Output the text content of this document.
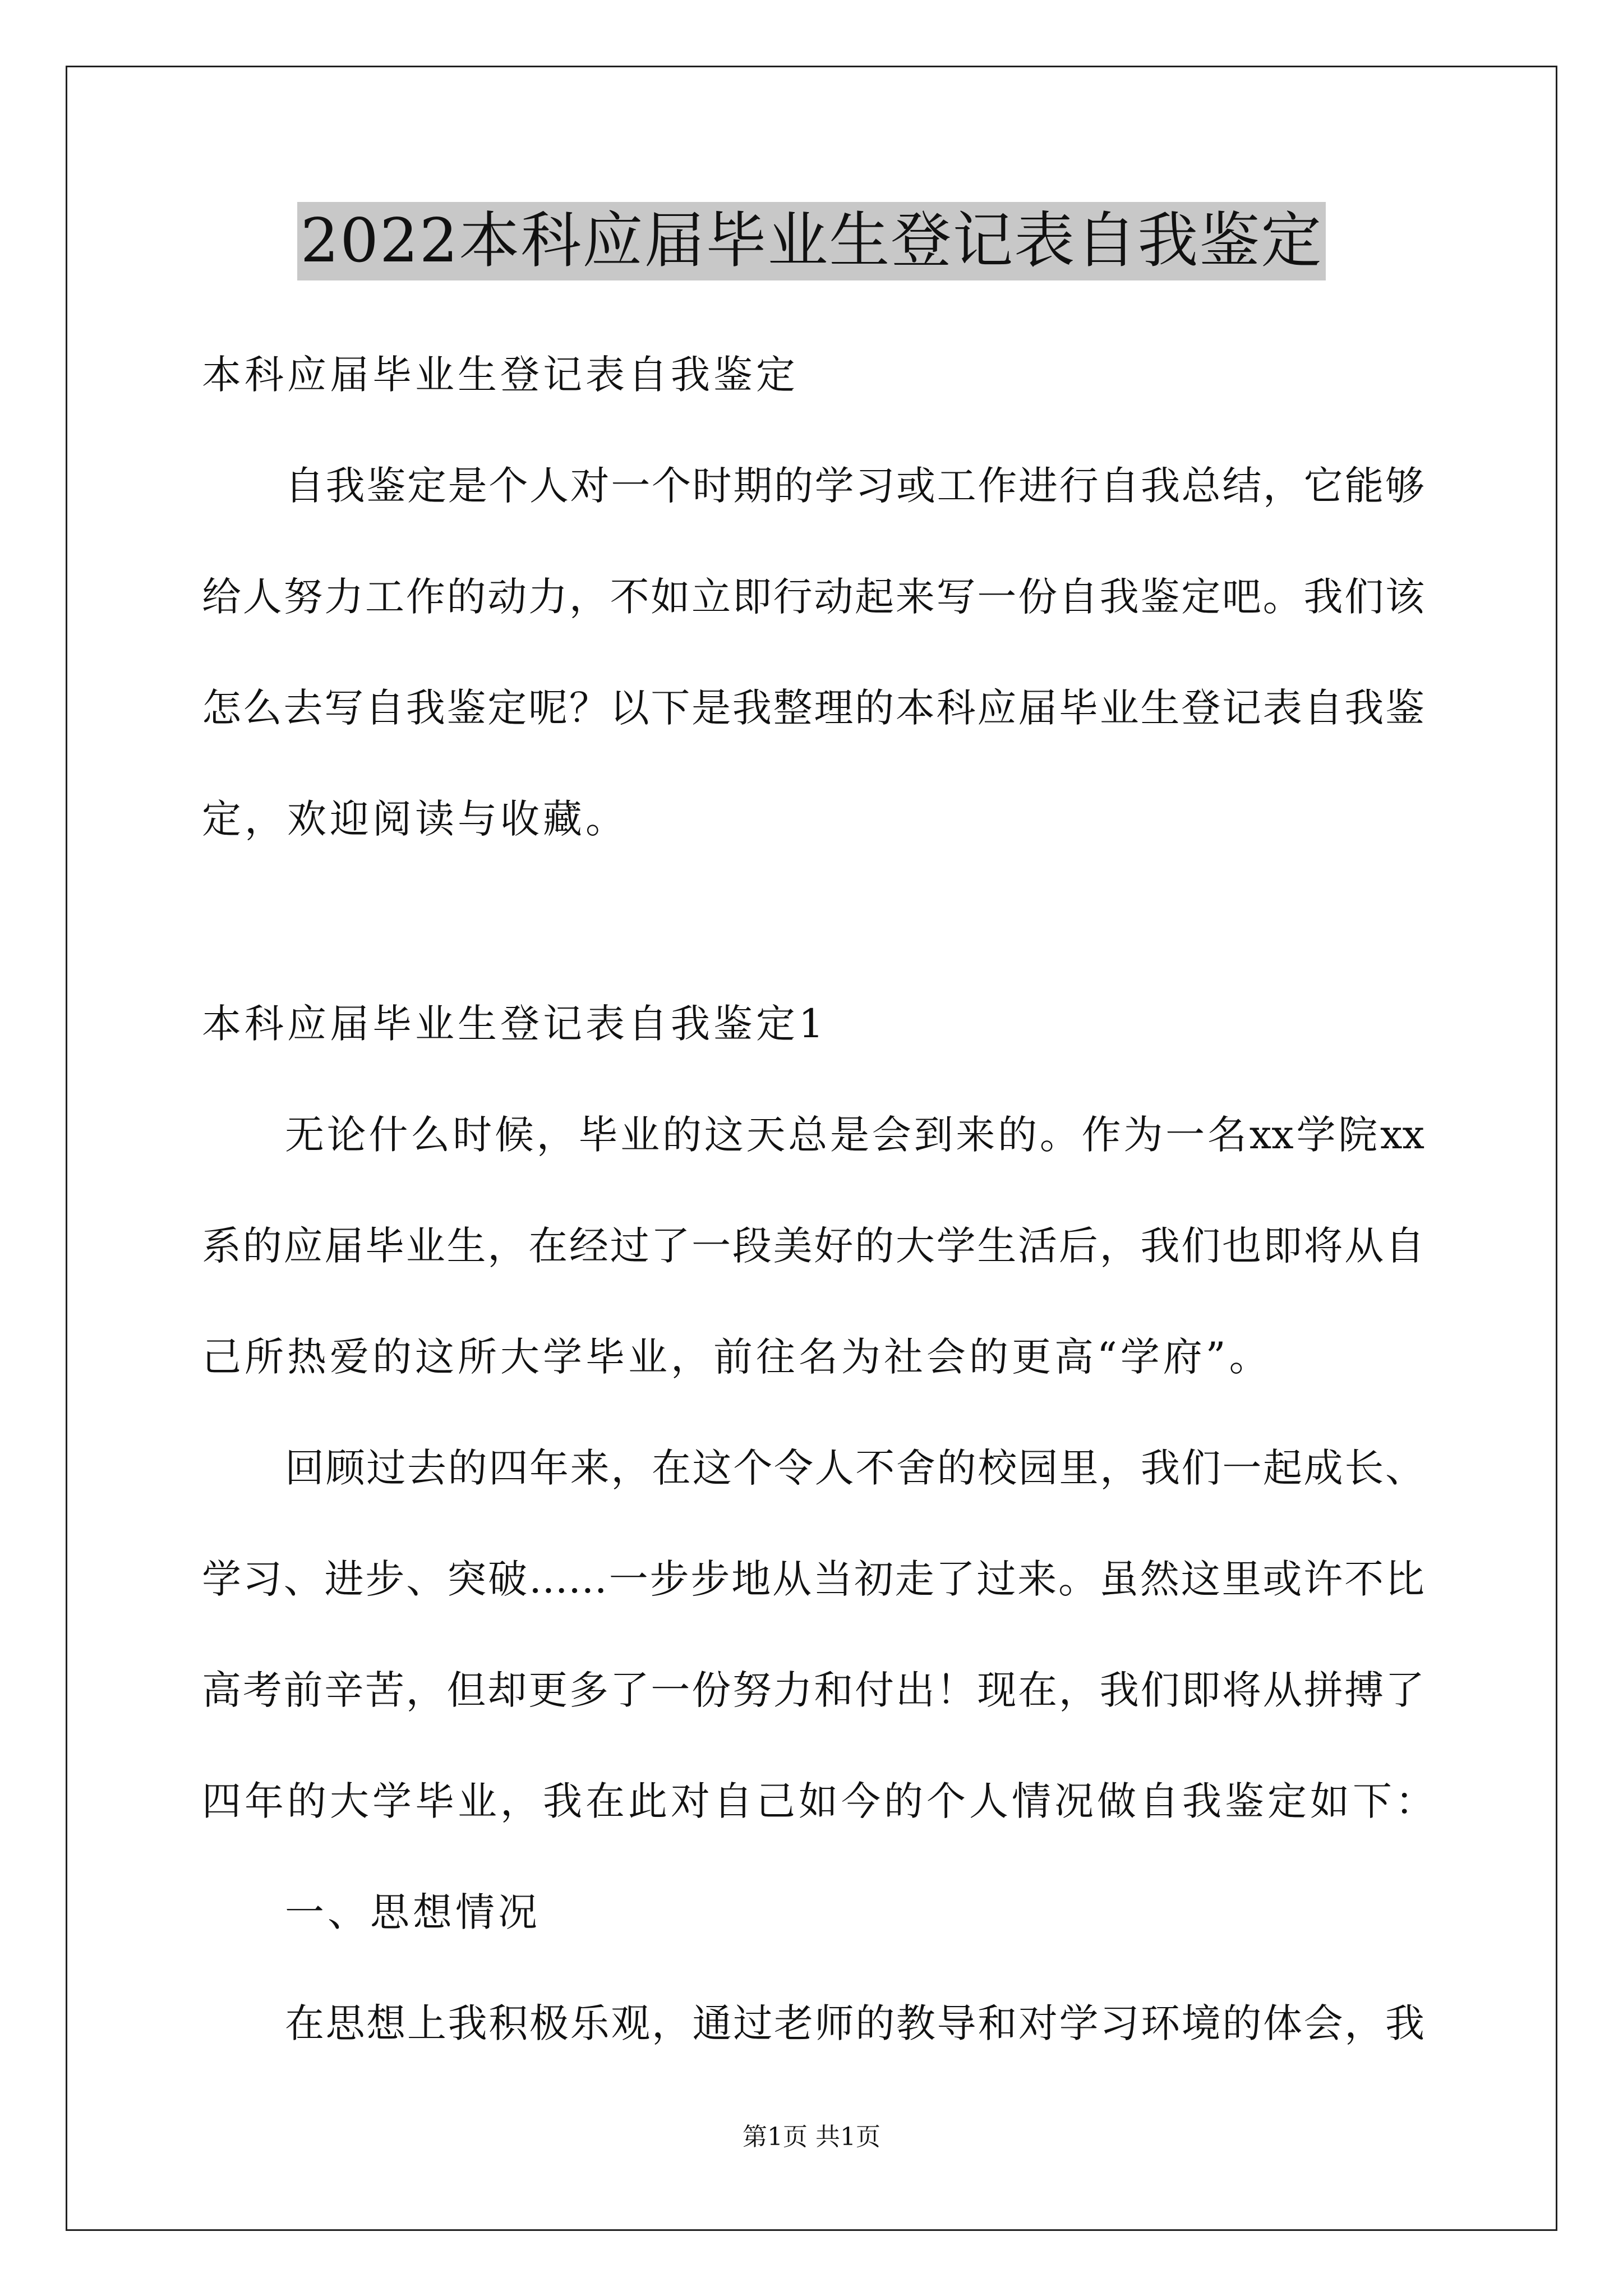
2022本科应届毕业生登记表自我鉴定
本科应届毕业生登记表自我鉴定
自我鉴定是个人对一个时期的学习或工作进行自我总结，它能够
给人努力工作的动力，不如立即行动起来写一份自我鉴定吧。我们该
怎么去写自我鉴定呢？以下是我整理的本科应届毕业生登记表自我鉴
定，欢迎阅读与收藏。
本科应届毕业生登记表自我鉴定1
无论什么时候，毕业的这天总是会到来的。作为一名xx学院xx
系的应届毕业生，在经过了一段美好的大学生活后，我们也即将从自
己所热爱的这所大学毕业，前往名为社会的更高“学府”。
回顾过去的四年来，在这个令人不舍的校园里，我们一起成长、
学习、进步、突破……一步步地从当初走了过来。虽然这里或许不比
高考前辛苦，但却更多了一份努力和付出！现在，我们即将从拼搏了
四年的大学毕业，我在此对自己如今的个人情况做自我鉴定如下：
一、思想情况
在思想上我积极乐观，通过老师的教导和对学习环境的体会，我
第1页 共1页
